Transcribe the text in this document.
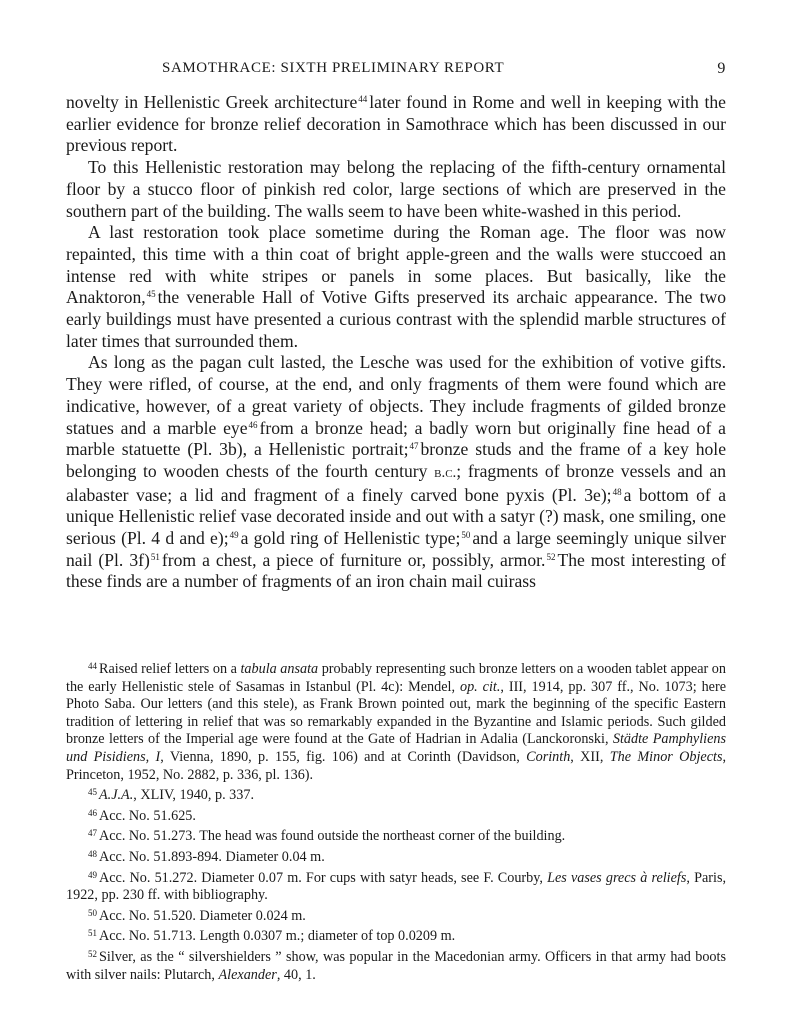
SAMOTHRACE: SIXTH PRELIMINARY REPORT	9

novelty in Hellenistic Greek architecture$^{44}$ later found in Rome and well in keeping with the earlier evidence for bronze relief decoration in Samothrace which has been discussed in our previous report.

To this Hellenistic restoration may belong the replacing of the fifth-century ornamental floor by a stucco floor of pinkish red color, large sections of which are preserved in the southern part of the building. The walls seem to have been white-washed in this period.

A last restoration took place sometime during the Roman age. The floor was now repainted, this time with a thin coat of bright apple-green and the walls were stuccoed an intense red with white stripes or panels in some places. But basically, like the Anaktoron,$^{45}$ the venerable Hall of Votive Gifts preserved its archaic appearance. The two early buildings must have presented a curious contrast with the splendid marble structures of later times that surrounded them.

As long as the pagan cult lasted, the Lesche was used for the exhibition of votive gifts. They were rifled, of course, at the end, and only fragments of them were found which are indicative, however, of a great variety of objects. They include fragments of gilded bronze statues and a marble eye$^{46}$ from a bronze head; a badly worn but originally fine head of a marble statuette (Pl. 3b), a Hellenistic portrait;$^{47}$ bronze studs and the frame of a key hole belonging to wooden chests of the fourth century b.c.; fragments of bronze vessels and an alabaster vase; a lid and fragment of a finely carved bone pyxis (Pl. 3e);$^{48}$ a bottom of a unique Hellenistic relief vase decorated inside and out with a satyr (?) mask, one smiling, one serious (Pl. 4 d and e);$^{49}$ a gold ring of Hellenistic type;$^{50}$ and a large seemingly unique silver nail (Pl. 3f)$^{51}$ from a chest, a piece of furniture or, possibly, armor.$^{52}$ The most interesting of these finds are a number of fragments of an iron chain mail cuirass

$^{44}$ Raised relief letters on a tabula ansata probably representing such bronze letters on a wooden tablet appear on the early Hellenistic stele of Sasamas in Istanbul (Pl. 4c): Mendel, op. cit., III, 1914, pp. 307 ff., No. 1073; here Photo Saba. Our letters (and this stele), as Frank Brown pointed out, mark the beginning of the specific Eastern tradition of lettering in relief that was so remarkably expanded in the Byzantine and Islamic periods. Such gilded bronze letters of the Imperial age were found at the Gate of Hadrian in Adalia (Lanckoronski, Städte Pamphyliens und Pisidiens, I, Vienna, 1890, p. 155, fig. 106) and at Corinth (Davidson, Corinth, XII, The Minor Objects, Princeton, 1952, No. 2882, p. 336, pl. 136).

$^{45}$ A.J.A., XLIV, 1940, p. 337.

$^{46}$ Acc. No. 51.625.

$^{47}$ Acc. No. 51.273. The head was found outside the northeast corner of the building.

$^{48}$ Acc. No. 51.893-894. Diameter 0.04 m.

$^{49}$ Acc. No. 51.272. Diameter 0.07 m. For cups with satyr heads, see F. Courby, Les vases grecs à reliefs, Paris, 1922, pp. 230 ff. with bibliography.

$^{50}$ Acc. No. 51.520. Diameter 0.024 m.

$^{51}$ Acc. No. 51.713. Length 0.0307 m.; diameter of top 0.0209 m.

$^{52}$ Silver, as the “ silvershielders ” show, was popular in the Macedonian army. Officers in that army had boots with silver nails: Plutarch, Alexander, 40, 1.
